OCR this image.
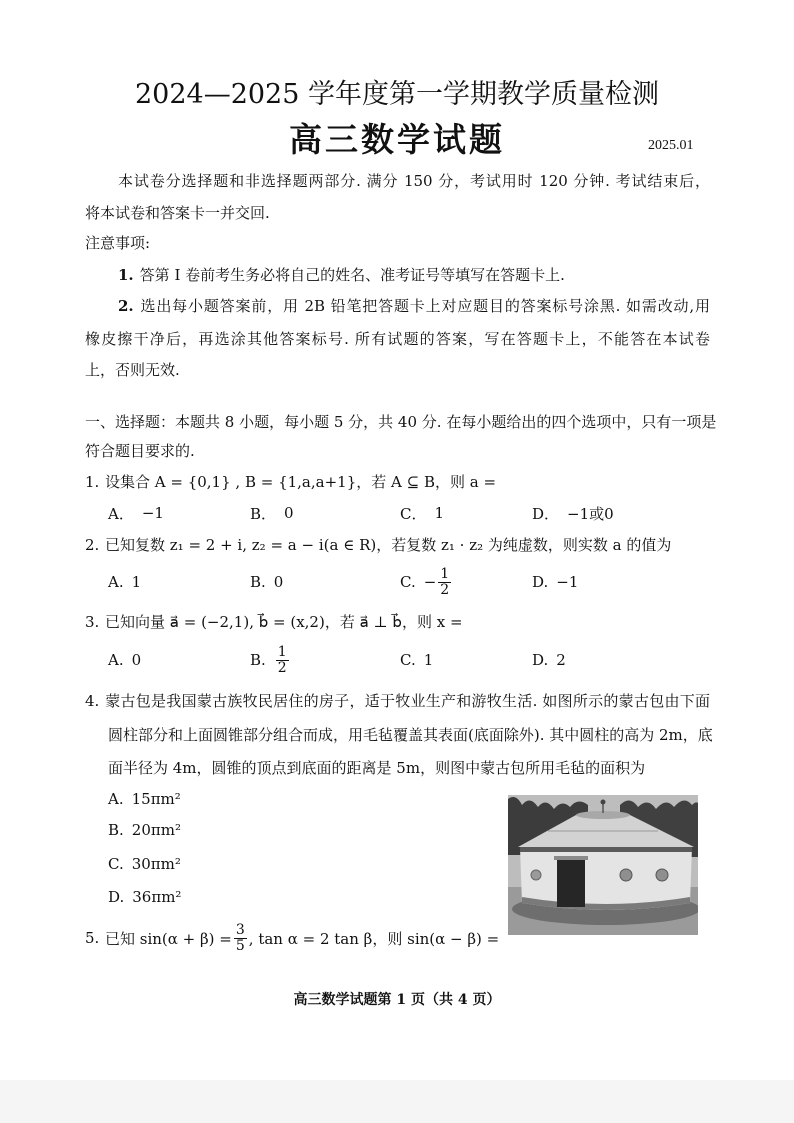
2024—2025 学年度第一学期教学质量检测
高三数学试题	2025.01
本试卷分选择题和非选择题两部分. 满分 150 分，考试用时 120 分钟. 考试结束后，
将本试卷和答案卡一并交回.
注意事项:
1. 答第 I 卷前考生务必将自己的姓名、准考证号等填写在答题卡上.
2. 选出每小题答案前，用 2B 铅笔把答题卡上对应题目的答案标号涂黑. 如需改动,用
橡皮擦干净后，再选涂其他答案标号. 所有试题的答案，写在答题卡上，不能答在本试卷
上，否则无效.
一、选择题：本题共 8 小题，每小题 5 分，共 40 分. 在每小题给出的四个选项中，只有一项是
符合题目要求的.
1. 设集合 A = {0,1} , B = {1,a,a+1}，若 A ⊆ B，则 a =
A． −1	B． 0	C． 1	D． −1或0
2. 已知复数 z₁ = 2 + i, z₂ = a − i(a ∈ R)，若复数 z₁ · z₂ 为纯虚数，则实数 a 的值为
A. 1	B. 0	C. − $\frac{1}{2}$	D. −1
3. 已知向量 a⃗ = (−2,1), b⃗ = (x,2)，若 a⃗ ⊥ b⃗，则 x =
A. 0	B. $\frac{1}{2}$	C. 1	D. 2
4. 蒙古包是我国蒙古族牧民居住的房子，适于牧业生产和游牧生活. 如图所示的蒙古包由下面
圆柱部分和上面圆锥部分组合而成，用毛毡覆盖其表面(底面除外). 其中圆柱的高为 2m，底
面半径为 4m，圆锥的顶点到底面的距离是 5m，则图中蒙古包所用毛毡的面积为
A. 15πm²
B. 20πm²
C. 30πm²
D. 36πm²
5. 已知 $\sin(\alpha + \beta) = \frac{3}{5}$ , tan α = 2 tan β，则 sin(α − β) =
高三数学试题第 1 页（共 4 页）
